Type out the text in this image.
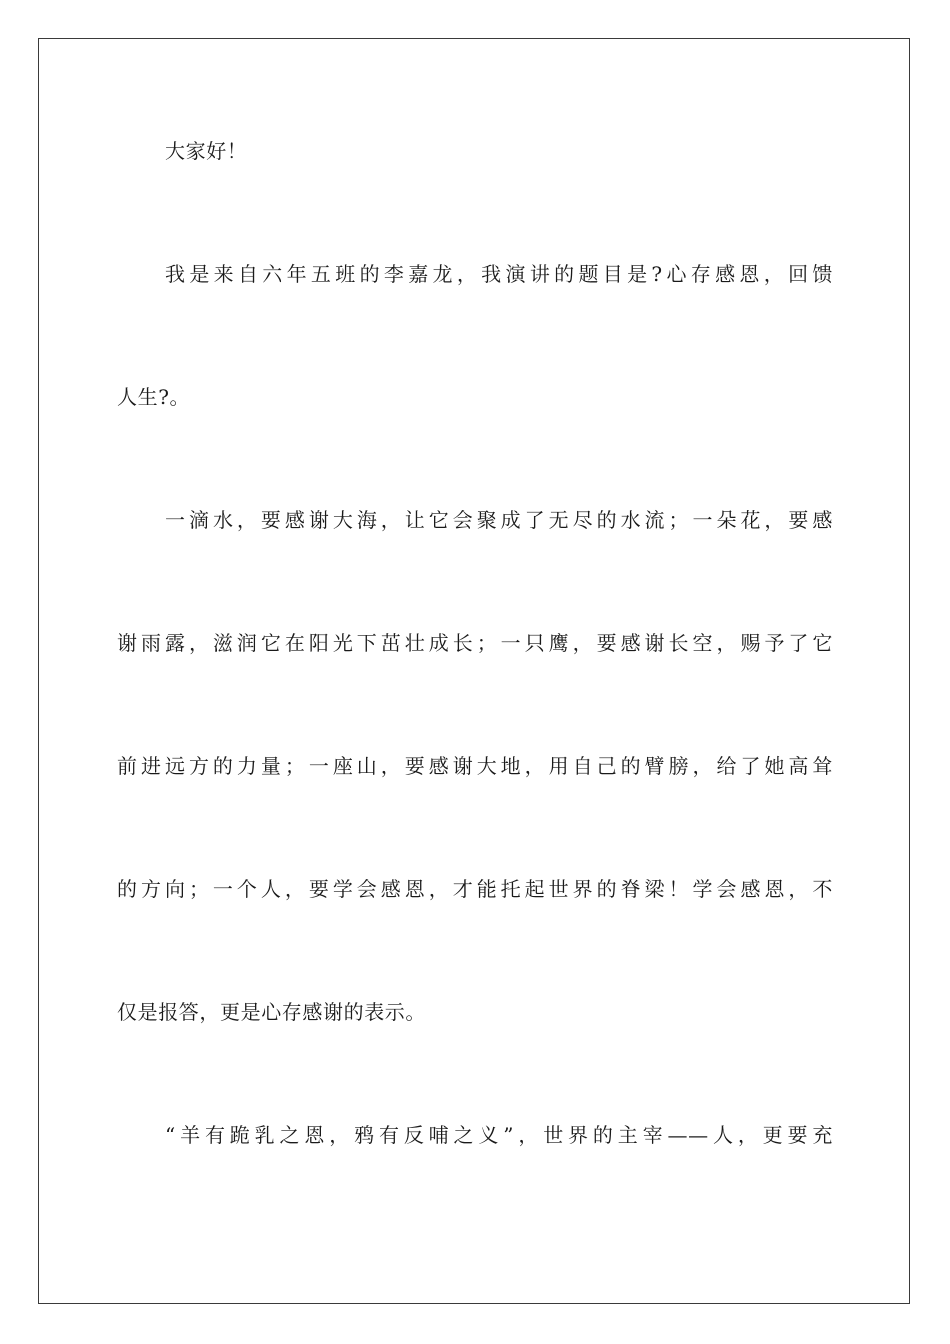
大家好！
我是来自六年五班的李嘉龙，我演讲的题目是?心存感恩，回馈
人生?。
一滴水，要感谢大海，让它会聚成了无尽的水流；一朵花，要感
谢雨露，滋润它在阳光下茁壮成长；一只鹰，要感谢长空，赐予了它
前进远方的力量；一座山，要感谢大地，用自己的臂膀，给了她高耸
的方向；一个人，要学会感恩，才能托起世界的脊梁！学会感恩，不
仅是报答，更是心存感谢的表示。
“羊有跪乳之恩，鸦有反哺之义”，世界的主宰——人，更要充
